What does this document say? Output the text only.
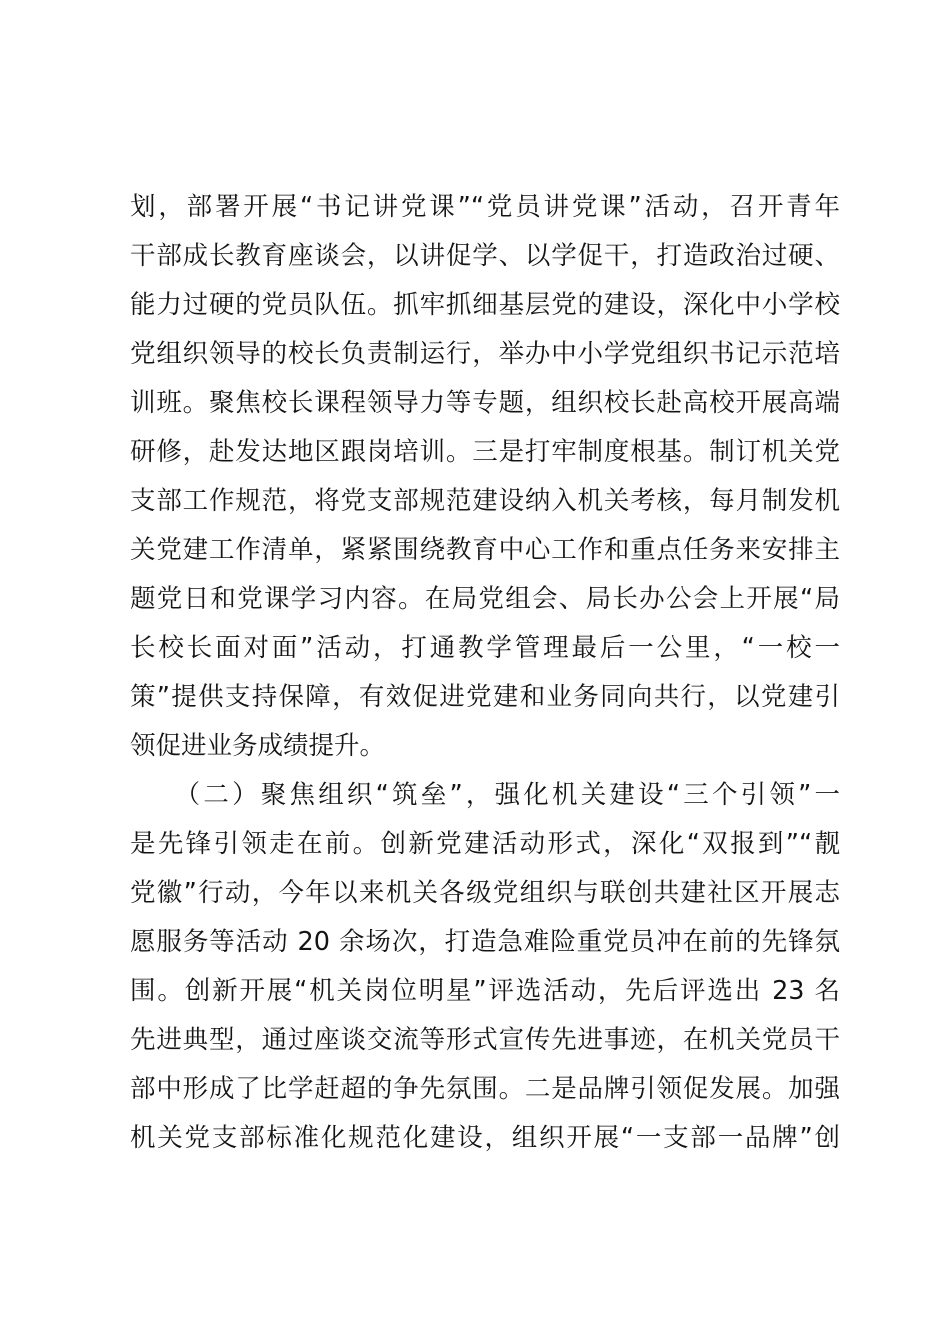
划，部署开展“书记讲党课”“党员讲党课”活动，召开青年
干部成长教育座谈会，以讲促学、以学促干，打造政治过硬、
能力过硬的党员队伍。抓牢抓细基层党的建设，深化中小学校
党组织领导的校长负责制运行，举办中小学党组织书记示范培
训班。聚焦校长课程领导力等专题，组织校长赴高校开展高端
研修，赴发达地区跟岗培训。三是打牢制度根基。制订机关党
支部工作规范，将党支部规范建设纳入机关考核，每月制发机
关党建工作清单，紧紧围绕教育中心工作和重点任务来安排主
题党日和党课学习内容。在局党组会、局长办公会上开展“局
长校长面对面”活动，打通教学管理最后一公里，“一校一
策”提供支持保障，有效促进党建和业务同向共行，以党建引
领促进业务成绩提升。
　　（二）聚焦组织“筑垒”，强化机关建设“三个引领”一
是先锋引领走在前。创新党建活动形式，深化“双报到”“靓
党徽”行动，今年以来机关各级党组织与联创共建社区开展志
愿服务等活动 20 余场次，打造急难险重党员冲在前的先锋氛
围。创新开展“机关岗位明星”评选活动，先后评选出 23 名
先进典型，通过座谈交流等形式宣传先进事迹，在机关党员干
部中形成了比学赶超的争先氛围。二是品牌引领促发展。加强
机关党支部标准化规范化建设，组织开展“一支部一品牌”创
